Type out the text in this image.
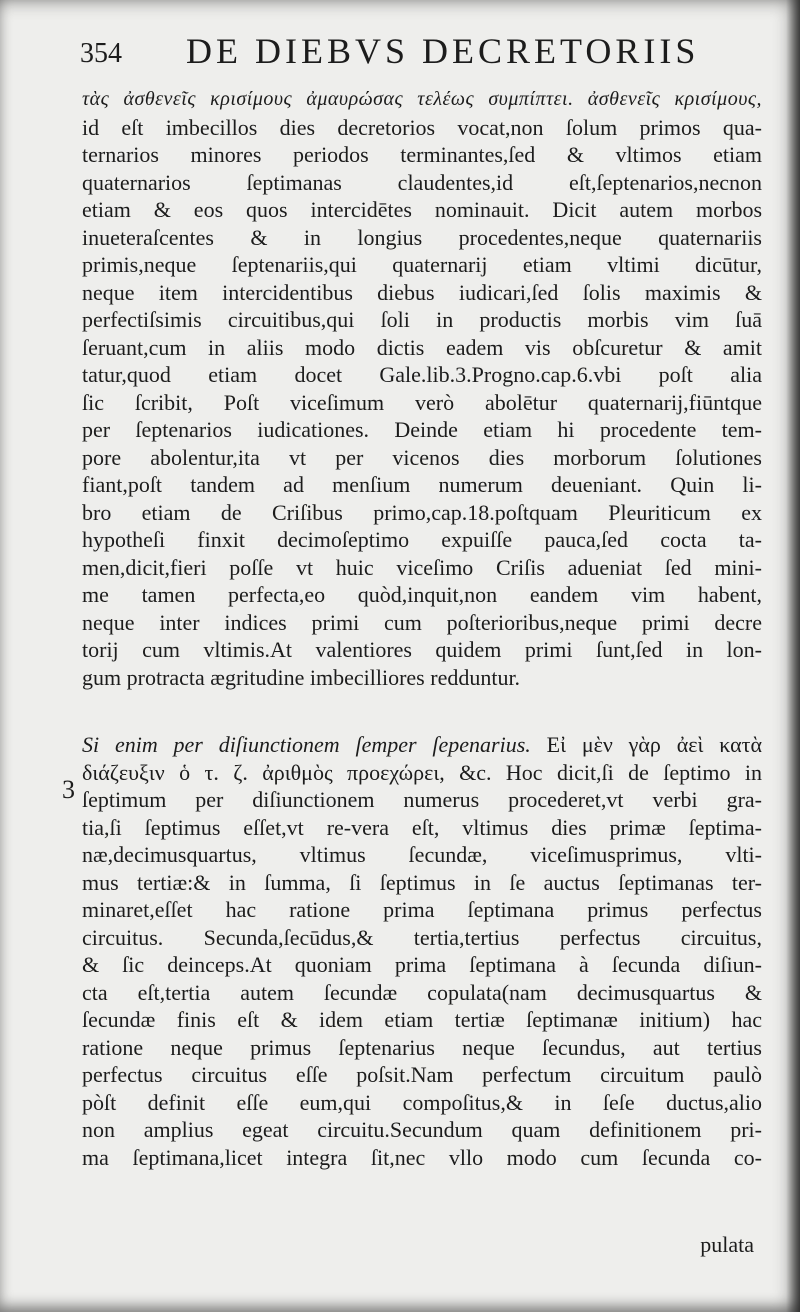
354 DE DIEBVS DECRETORIIS
τὰς ἀσθενεῖς κρισίμους ἀμαυρώσας τελέως συμπίπτει. ἀσθενεῖς κρισίμους,
id eſt imbecillos dies decretorios vocat,non ſolum primos qua-
ternarios minores periodos terminantes,ſed & vltimos etiam
quaternarios ſeptimanas claudentes,id eſt,ſeptenarios,necnon
etiam & eos quos intercidētes nominauit. Dicit autem morbos
inueteraſcentes & in longius procedentes,neque quaternariis
primis,neque ſeptenariis,qui quaternarij etiam vltimi dicūtur,
neque item intercidentibus diebus iudicari,ſed ſolis maximis &
perfectiſsimis circuitibus,qui ſoli in productis morbis vim ſuā
ſeruant,cum in aliis modo dictis eadem vis obſcuretur & amit
tatur,quod etiam docet Gale.lib.3.Progno.cap.6.vbi poſt alia
ſic ſcribit, Poſt viceſimum verò abolētur quaternarij,fiūntque
per ſeptenarios iudicationes. Deinde etiam hi procedente tem-
pore abolentur,ita vt per vicenos dies morborum ſolutiones
fiant,poſt tandem ad menſium numerum deueniant. Quin li-
bro etiam de Criſibus primo,cap.18.poſtquam Pleuriticum ex
hypotheſi finxit decimoſeptimo expuiſſe pauca,ſed cocta ta-
men,dicit,fieri poſſe vt huic viceſimo Criſis adueniat ſed mini-
me tamen perfecta,eo quòd,inquit,non eandem vim habent,
neque inter indices primi cum poſterioribus,neque primi decre
torij cum vltimis.At valentiores quidem primi ſunt,ſed in lon-
gum protracta ægritudine imbecilliores redduntur.
Si enim per diſiunctionem ſemper ſepenarius. Εἰ μὲν γὰρ ἀεὶ κατὰ
διάζευξιν ὁ τ. ζ. ἀριθμὸς προεχώρει, &c. Hoc dicit,ſi de ſeptimo in
ſeptimum per diſiunctionem numerus procederet,vt verbi gra-
tia,ſi ſeptimus eſſet,vt re-vera eſt, vltimus dies primæ ſeptima-
næ,decimusquartus, vltimus ſecundæ, viceſimusprimus, vlti-
mus tertiæ:& in ſumma, ſi ſeptimus in ſe auctus ſeptimanas ter-
minaret,eſſet hac ratione prima ſeptimana primus perfectus
circuitus. Secunda,ſecūdus,& tertia,tertius perfectus circuitus,
& ſic deinceps.At quoniam prima ſeptimana à ſecunda diſiun-
cta eſt,tertia autem ſecundæ copulata(nam decimusquartus &
ſecundæ finis eſt & idem etiam tertiæ ſeptimanæ initium) hac
ratione neque primus ſeptenarius neque ſecundus, aut tertius
perfectus circuitus eſſe poſsit.Nam perfectum circuitum paulò
pòſt definit eſſe eum,qui compoſitus,& in ſeſe ductus,alio
non amplius egeat circuitu.Secundum quam definitionem pri-
ma ſeptimana,licet integra ſit,nec vllo modo cum ſecunda co-
3
pulata
